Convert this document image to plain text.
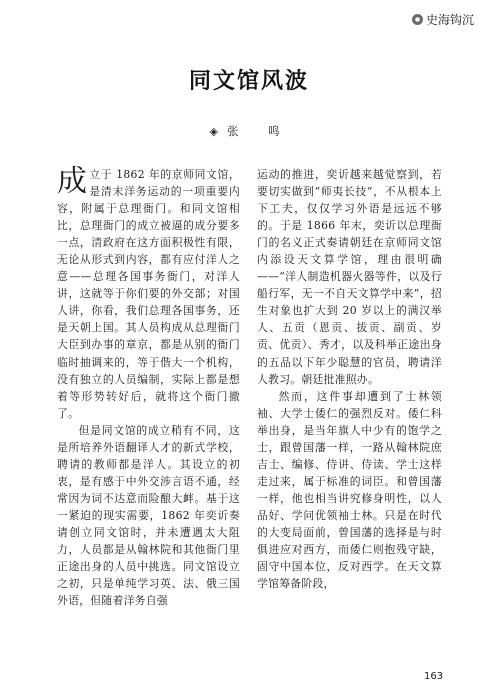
史海钩沉
同文馆风波
◈ 张　鸣

成立于 1862 年的京师同文馆，是清末洋务运动的一项重要内容，附属于总理衙门。和同文馆相比，总理衙门的成立被逼的成分要多一点，清政府在这方面积极性有限，无论从形式到内容，都有应付洋人之意——总理各国事务衙门，对洋人讲，这就等于你们要的外交部；对国人讲，你看，我们总理各国事务，还是天朝上国。其人员构成从总理衙门大臣到办事的章京，都是从别的衙门临时抽调来的，等于偕大一个机构，没有独立的人员编制，实际上都是想着等形势转好后，就将这个衙门撤了。

但是同文馆的成立稍有不同，这是所培养外语翻译人才的新式学校，聘请的教师都是洋人。其设立的初衷，是有感于中外交涉言语不通，经常因为词不达意而险酿大衅。基于这一紧迫的现实需要，1862 年奕䜣奏请创立同文馆时，并未遭遇太大阻力，人员都是从翰林院和其他衙门里正途出身的人员中挑选。同文馆设立之初，只是单纯学习英、法、俄三国外语，但随着洋务自强

运动的推进，奕䜣越来越觉察到，若要切实做到“师夷长技”，不从根本上下工夫，仅仅学习外语是远远不够的。于是 1866 年末，奕䜣以总理衙门的名义正式奏请朝廷在京师同文馆内添设天文算学馆，理由很明确——“洋人制造机器火器等件，以及行船行军，无一不自天文算学中来”，招生对象也扩大到 20 岁以上的满汉举人、五贡（恩贡、拔贡、副贡、岁贡、优贡）、秀才，以及科举正途出身的五品以下年少聪慧的官员，聘请洋人教习。朝廷批准照办。

然而，这件事却遭到了士林领袖、大学士倭仁的强烈反对。倭仁科举出身，是当年旗人中少有的饱学之士，跟曾国藩一样，一路从翰林院庶吉士、编修、侍讲、侍读、学士这样走过来，属于标准的词臣。和曾国藩一样，他也相当讲究修身明性，以人品好、学问优领袖士林。只是在时代的大变局面前，曾国藩的选择是与时俱进应对西方，而倭仁则抱残守缺，固守中国本位，反对西学。在天文算学馆筹备阶段，

163
